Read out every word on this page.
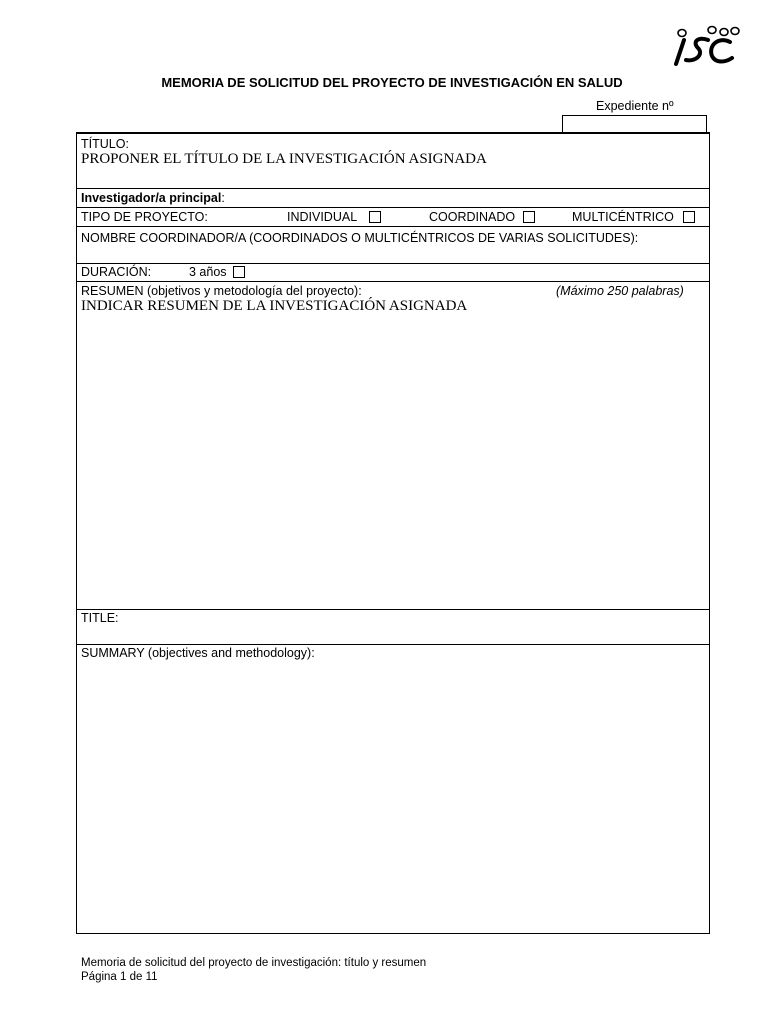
MEMORIA DE SOLICITUD DEL PROYECTO DE INVESTIGACIÓN EN SALUD
Expediente nº
TÍTULO:
PROPONER EL TÍTULO DE LA INVESTIGACIÓN ASIGNADA
Investigador/a principal:
TIPO DE PROYECTO:	INDIVIDUAL	COORDINADO	MULTICÉNTRICO
NOMBRE COORDINADOR/A (COORDINADOS O MULTICÉNTRICOS DE VARIAS SOLICITUDES):
DURACIÓN:	3 años
RESUMEN (objetivos y metodología del proyecto):	(Máximo 250 palabras)
INDICAR RESUMEN DE LA INVESTIGACIÓN ASIGNADA
TITLE:
SUMMARY (objectives and methodology):
Memoria de solicitud del proyecto de investigación: título y resumen
Página 1 de 11
